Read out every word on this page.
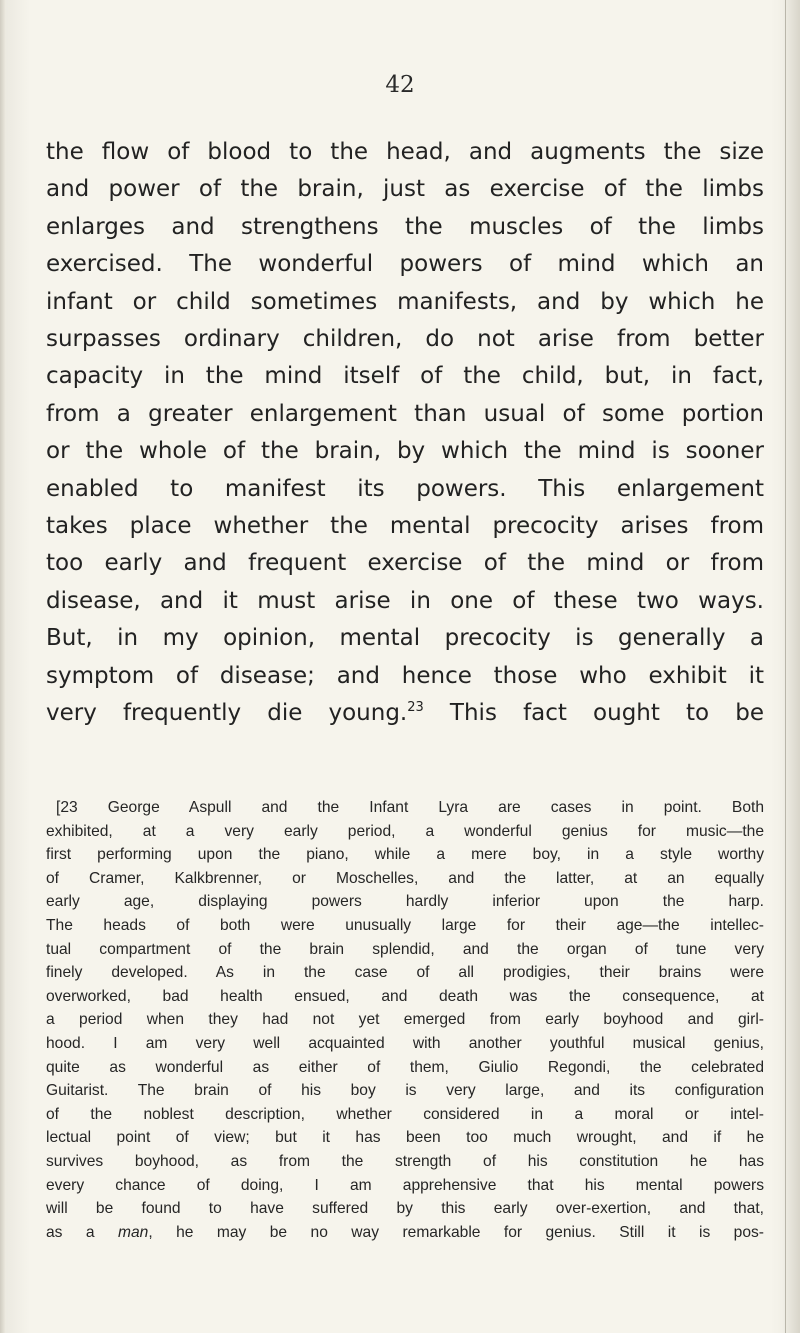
42
the flow of blood to the head, and augments the size
and power of the brain, just as exercise of the limbs
enlarges and strengthens the muscles of the limbs
exercised. The wonderful powers of mind which an
infant or child sometimes manifests, and by which he
surpasses ordinary children, do not arise from better
capacity in the mind itself of the child, but, in fact,
from a greater enlargement than usual of some portion
or the whole of the brain, by which the mind is sooner
enabled to manifest its powers. This enlargement
takes place whether the mental precocity arises from
too early and frequent exercise of the mind or from
disease, and it must arise in one of these two ways.
But, in my opinion, mental precocity is generally a
symptom of disease; and hence those who exhibit it
very frequently die young.$^{23}$ This fact ought to be
[23 George Aspull and the Infant Lyra are cases in point. Both
exhibited, at a very early period, a wonderful genius for music—the
first performing upon the piano, while a mere boy, in a style worthy
of Cramer, Kalkbrenner, or Moschelles, and the latter, at an equally
early age, displaying powers hardly inferior upon the harp.
The heads of both were unusually large for their age—the intellec-
tual compartment of the brain splendid, and the organ of tune very
finely developed. As in the case of all prodigies, their brains were
overworked, bad health ensued, and death was the consequence, at
a period when they had not yet emerged from early boyhood and girl-
hood. I am very well acquainted with another youthful musical genius,
quite as wonderful as either of them, Giulio Regondi, the celebrated
Guitarist. The brain of his boy is very large, and its configuration
of the noblest description, whether considered in a moral or intel-
lectual point of view; but it has been too much wrought, and if he
survives boyhood, as from the strength of his constitution he has
every chance of doing, I am apprehensive that his mental powers
will be found to have suffered by this early over-exertion, and that,
as a man, he may be no way remarkable for genius. Still it is pos-
